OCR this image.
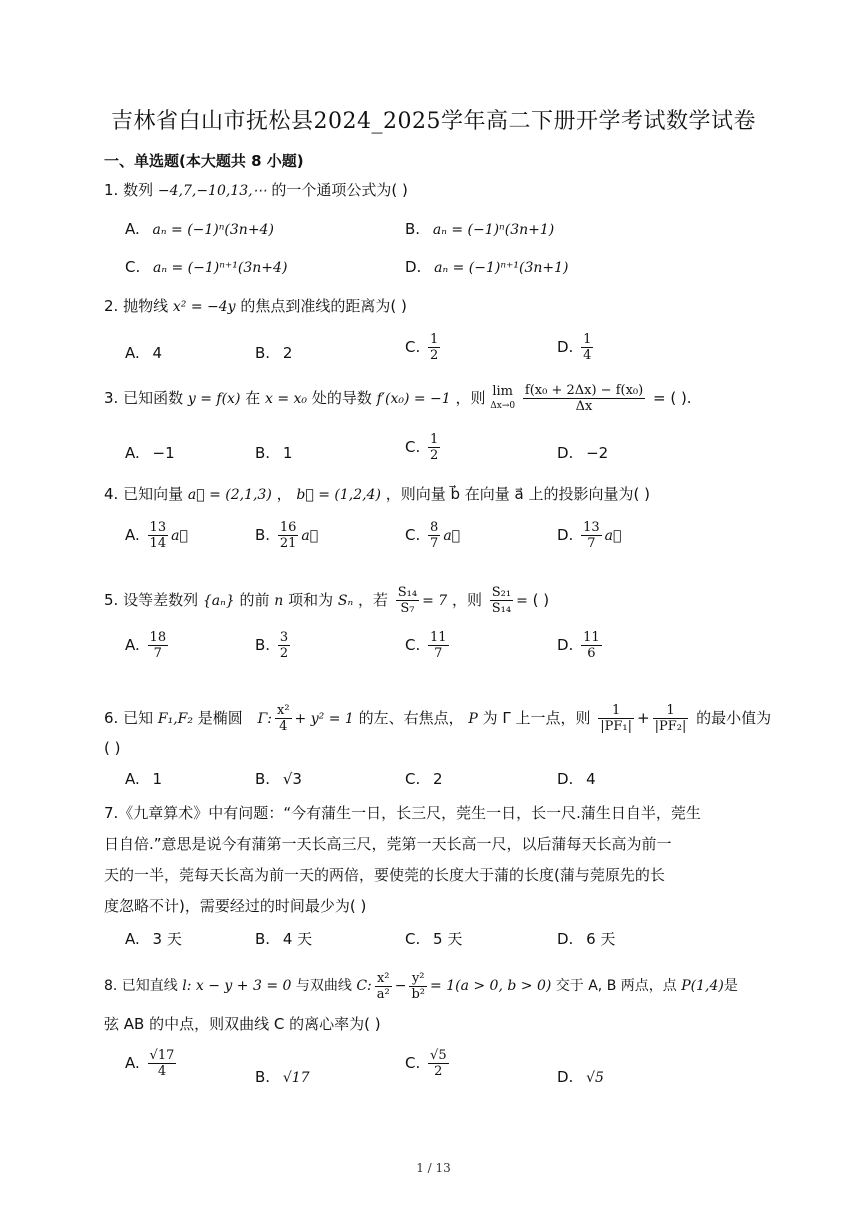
吉林省白山市抚松县2024_2025学年高二下册开学考试数学试卷
一、单选题(本大题共 8 小题)
1. 数列 −4,7,−10,13,⋯ 的一个通项公式为( )
A. aₙ = (−1)ⁿ(3n+4)	B. aₙ = (−1)ⁿ(3n+1)
C. aₙ = (−1)ⁿ⁺¹(3n+4)	D. aₙ = (−1)ⁿ⁺¹(3n+1)
2. 抛物线 x² = −4y 的焦点到准线的距离为( )
A. 4	B. 2	C. $\frac{1}{2}$	D. $\frac{1}{4}$
3. 已知函数 y = f(x) 在 x = x₀ 处的导数 f′(x₀) = −1 ，则 lim
Δx→0
$\frac{\text{f(x₀ + 2Δx) − f(x₀)}}{\Delta x}$ = ( ).
A. −1	B. 1	C. $\frac{1}{2}$	D. −2
4. 已知向量 a⃗ = (2,1,3) ， b⃗ = (1,2,4) ，则向量 b⃗ 在向量 a⃗ 上的投影向量为( )
A. $\frac{13}{14}$ a⃗	B. $\frac{16}{21}$ a⃗	C. $\frac{8}{7}$ a⃗	D. $\frac{13}{7}$ a⃗
5. 设等差数列 {aₙ} 的前 n 项和为 Sₙ ，若 $\frac{\text{S₁₄}}{\text{S₇}} = 7$ ，则 $\frac{\text{S₂₁}}{\text{S₁₄}}$ = ( )
A. $\frac{18}{7}$	B. $\frac{3}{2}$	C. $\frac{11}{7}$	D. $\frac{11}{6}$
6. 已知 F₁,F₂ 是椭圆 Γ: $\frac{\text{x²}}{4} + y^2 = 1$ 的左、右焦点， P 为 Γ 上一点，则 $\frac{1}{\text{|PF₁|}} + \frac{1}{\text{|PF₂|}}$ 的最小值为
( )
A. 1	B. √3	C. 2	D. 4
7.《九章算术》中有问题：“今有蒲生一日，长三尺，莞生一日，长一尺.蒲生日自半，莞生
日自倍.”意思是说今有蒲第一天长高三尺，莞第一天长高一尺，以后蒲每天长高为前一
天的一半，莞每天长高为前一天的两倍，要使莞的长度大于蒲的长度(蒲与莞原先的长
度忽略不计)，需要经过的时间最少为( )
A. 3 天	B. 4 天	C. 5 天	D. 6 天
8. 已知直线 l: x − y + 3 = 0 与双曲线 C: $\frac{\text{x²}}{\text{a²}} - \frac{\text{y²}}{\text{b²}} = 1(a > 0$, b > 0) 交于 A, B 两点，点 P(1,4)是
弦 AB 的中点，则双曲线 C 的离心率为( )
A. $\frac{√17}{4}$	B. √17
C. $\frac{√5}{2}$	D. √5
1 / 13
